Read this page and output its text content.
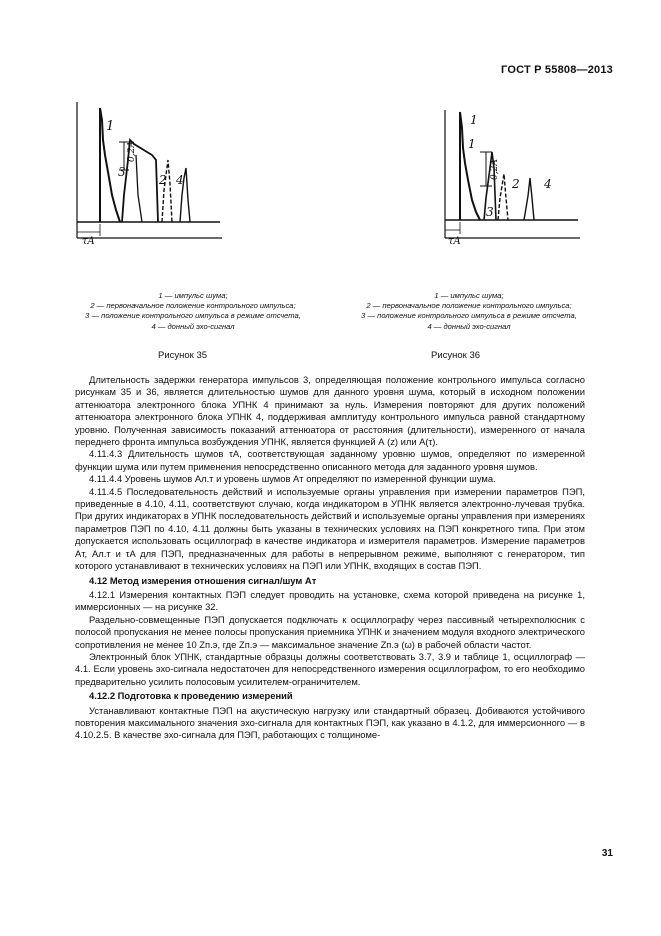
ГОСТ Р 55808—2013
1
3
2 4
0,2A
τA
1
1
3
2 4
0,2A
τA
1 — импульс шума;
2 — первоначальное положение контрольного импульса;
3 — положение контрольного импульса в режиме отсчета,
4 — донный эхо-сигнал
1 — импульс шума;
2 — первоначальное положение контрольного импульса;
3 — положение контрольного импульса в режиме отсчета,
4 — донный эхо-сигнал
Рисунок 35	Рисунок 36

Длительность задержки генератора импульсов 3, определяющая положение контрольного импульса согласно рисункам 35 и 36, является длительностью шумов для данного уровня шума, который в исходном положении аттенюатора электронного блока УПНК 4 принимают за нуль. Измерения повторяют для других положений аттенюатора электронного блока УПНК 4, поддерживая амплитуду контрольного импульса равной стандартному уровню. Полученная зависимость показаний аттенюатора от расстояния (длительности), измеренного от начала переднего фронта импульса возбуждения УПНК, является функцией А (z) или А(τ).

4.11.4.3 Длительность шумов τA, соответствующая заданному уровню шумов, определяют по измеренной функции шума или путем применения непосредственно описанного метода для заданного уровня шумов.

4.11.4.4 Уровень шумов Aл.т и уровень шумов Aт определяют по измеренной функции шума.

4.11.4.5 Последовательность действий и используемые органы управления при измерении параметров ПЭП, приведенные в 4.10, 4.11, соответствуют случаю, когда индикатором в УПНК является электронно-лучевая трубка. При других индикаторах в УПНК последовательность действий и используемые органы управления при измерениях параметров ПЭП по 4.10, 4.11 должны быть указаны в технических условиях на ПЭП конкретного типа. При этом допускается использовать осциллограф в качестве индикатора и измерителя параметров. Измерение параметров Aт, Aл.т и τA для ПЭП, предназначенных для работы в непрерывном режиме, выполняют с генератором, тип которого устанавливают в технических условиях на ПЭП или УПНК, входящих в состав ПЭП.

4.12 Метод измерения отношения сигнал/шум Aт

4.12.1 Измерения контактных ПЭП следует проводить на установке, схема которой приведена на рисунке 1, иммерсионных — на рисунке 32.

Раздельно-совмещенные ПЭП допускается подключать к осциллографу через пассивный четырехполюсник с полосой пропускания не менее полосы пропускания приемника УПНК и значением модуля входного электрического сопротивления не менее 10 Zп.э, где Zп.э — максимальное значение Zп.э (ω) в рабочей области частот.

Электронный блок УПНК, стандартные образцы должны соответствовать 3.7, 3.9 и таблице 1, осциллограф — 4.1. Если уровень эхо-сигнала недостаточен для непосредственного измерения осциллографом, то его необходимо предварительно усилить полосовым усилителем-ограничителем.

4.12.2 Подготовка к проведению измерений

Устанавливают контактные ПЭП на акустическую нагрузку или стандартный образец. Добиваются устойчивого повторения максимального значения эхо-сигнала для контактных ПЭП, как указано в 4.1.2, для иммерсионного — в 4.10.2.5. В качестве эхо-сигнала для ПЭП, работающих с толщиноме-

31
